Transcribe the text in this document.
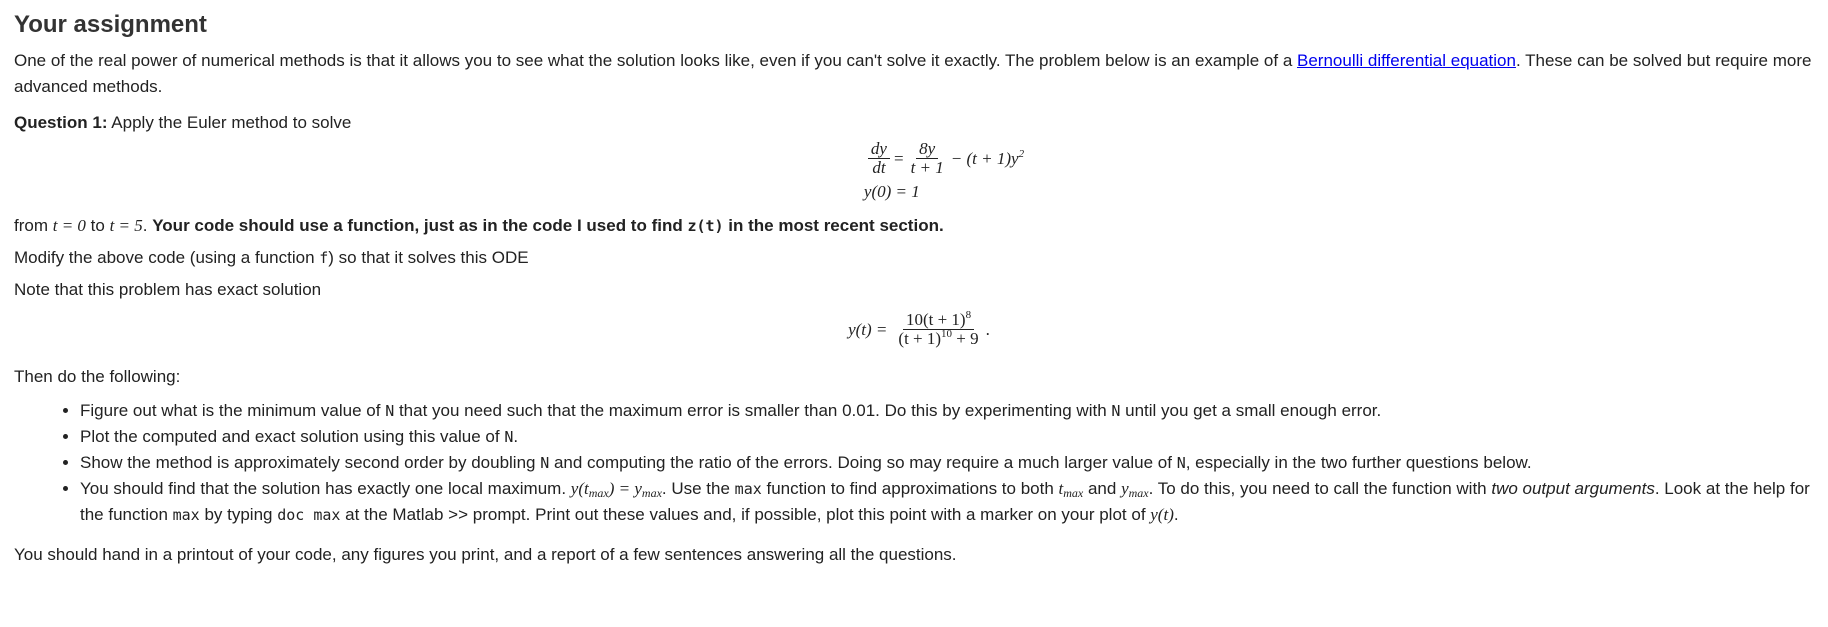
Your assignment

One of the real power of numerical methods is that it allows you to see what the solution looks like, even if you can't solve it exactly. The problem below is an example of a Bernoulli differential equation. These can be solved but require more advanced methods.

Question 1: Apply the Euler method to solve

$\frac{dy}{dt} = \frac{8y}{t + 1} - (t + 1)y^2$
y(0) = 1

from t = 0 to t = 5. Your code should use a function, just as in the code I used to find z(t) in the most recent section.

Modify the above code (using a function f) so that it solves this ODE

Note that this problem has exact solution

$y(t) = \frac{10(t + 1)^8}{(t + 1)^{10} + 9}$ .

Then do the following:

• Figure out what is the minimum value of N that you need such that the maximum error is smaller than 0.01. Do this by experimenting with N until you get a small enough error.
• Plot the computed and exact solution using this value of N.
• Show the method is approximately second order by doubling N and computing the ratio of the errors. Doing so may require a much larger value of N, especially in the two further questions below.
• You should find that the solution has exactly one local maximum. $y(t_{max}) = y_{max}$. Use the max function to find approximations to both $t_{max}$ and $y_{max}$. To do this, you need to call the function with two output arguments. Look at the help for the function max by typing doc max at the Matlab >> prompt. Print out these values and, if possible, plot this point with a marker on your plot of y(t).

You should hand in a printout of your code, any figures you print, and a report of a few sentences answering all the questions.
